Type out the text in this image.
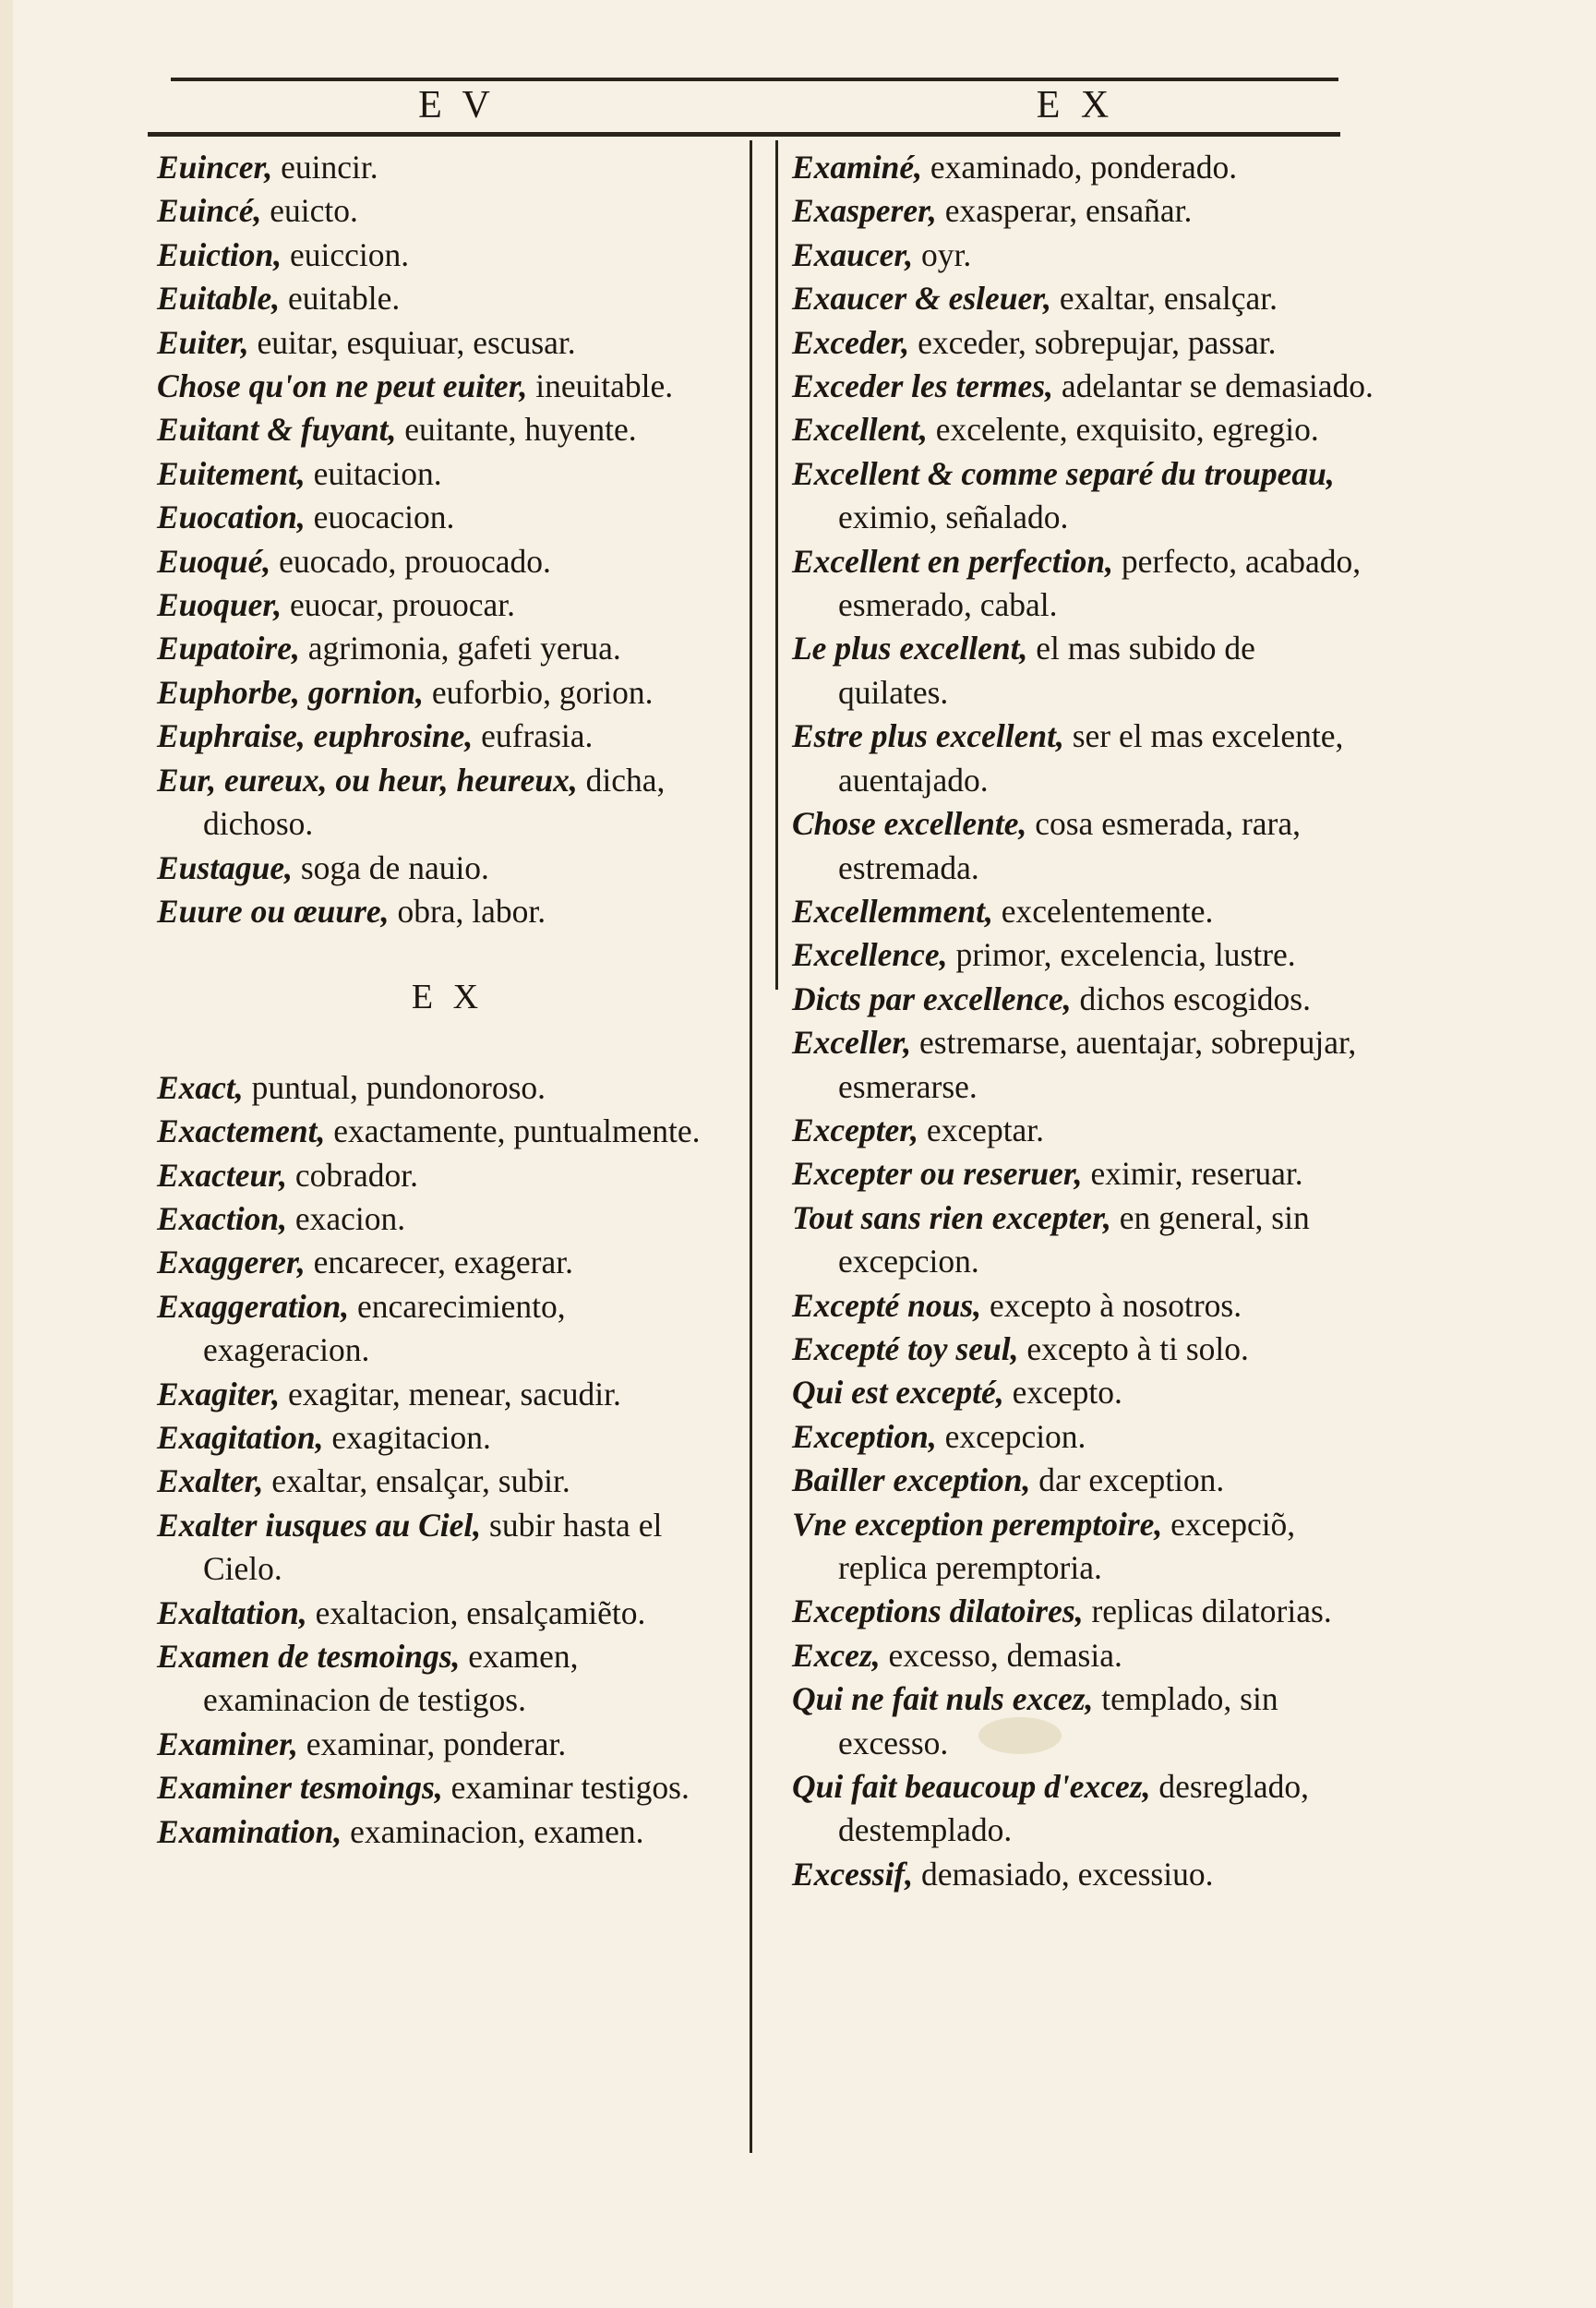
E V	E X

Euincer, euincir.

Euincé, euicto.

Euiction, euiccion.

Euitable, euitable.

Euiter, euitar, esquiuar, escusar.

Chose qu'on ne peut euiter, ineuitable.

Euitant & fuyant, euitante, huyente.

Euitement, euitacion.

Euocation, euocacion.

Euoqué, euocado, prouocado.

Euoquer, euocar, prouocar.

Eupatoire, agrimonia, gafeti yerua.

Euphorbe, gornion, euforbio, gorion.

Euphraise, euphrosine, eufrasia.

Eur, eureux, ou heur, heureux, dicha, dichoso.

Eustague, soga de nauio.

Euure ou œuure, obra, labor.

E X

Exact, puntual, pundonoroso.

Exactement, exactamente, puntualmente.

Exacteur, cobrador.

Exaction, exacion.

Exaggerer, encarecer, exagerar.

Exaggeration, encarecimiento, exageracion.

Exagiter, exagitar, menear, sacudir.

Exagitation, exagitacion.

Exalter, exaltar, ensalçar, subir.

Exalter iusques au Ciel, subir hasta el Cielo.

Exaltation, exaltacion, ensalçamiẽto.

Examen de tesmoings, examen, examinacion de testigos.

Examiner, examinar, ponderar.

Examiner tesmoings, examinar testigos.

Examination, examinacion, examen.

Examiné, examinado, ponderado.

Exasperer, exasperar, ensañar.

Exaucer, oyr.

Exaucer & esleuer, exaltar, ensalçar.

Exceder, exceder, sobrepujar, passar.

Exceder les termes, adelantar se demasiado.

Excellent, excelente, exquisito, egregio.

Excellent & comme separé du troupeau, eximio, señalado.

Excellent en perfection, perfecto, acabado, esmerado, cabal.

Le plus excellent, el mas subido de quilates.

Estre plus excellent, ser el mas excelente, auentajado.

Chose excellente, cosa esmerada, rara, estremada.

Excellemment, excelentemente.

Excellence, primor, excelencia, lustre.

Dicts par excellence, dichos escogidos.

Exceller, estremarse, auentajar, sobrepujar, esmerarse.

Excepter, exceptar.

Excepter ou reseruer, eximir, reseruar.

Tout sans rien excepter, en general, sin excepcion.

Excepté nous, excepto à nosotros.

Excepté toy seul, excepto à ti solo.

Qui est excepté, excepto.

Exception, excepcion.

Bailler exception, dar exception.

Vne exception peremptoire, excepciõ, replica peremptoria.

Exceptions dilatoires, replicas dilatorias.

Excez, excesso, demasia.

Qui ne fait nuls excez, templado, sin excesso.

Qui fait beaucoup d'excez, desreglado, destemplado.

Excessif, demasiado, excessiuo.
